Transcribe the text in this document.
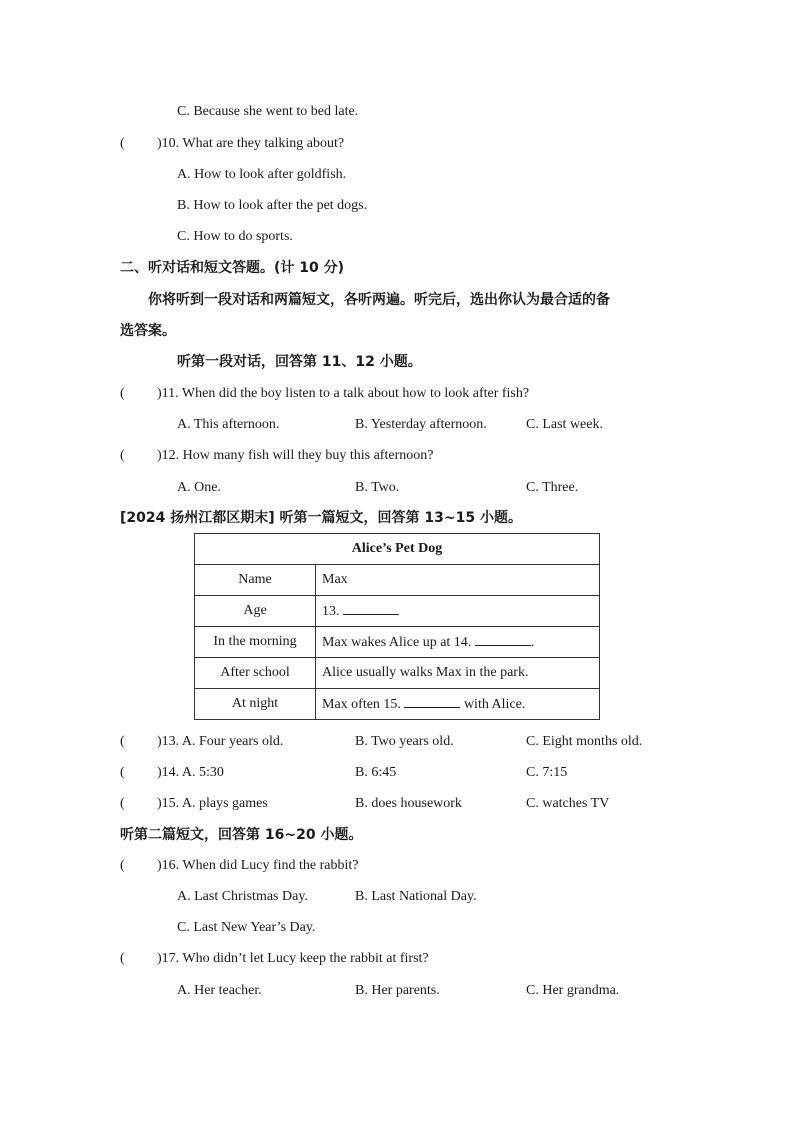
C. Because she went to bed late.
( )10. What are they talking about?
A. How to look after goldfish.
B. How to look after the pet dogs.
C. How to do sports.
二、听对话和短文答题。(计 10 分)
你将听到一段对话和两篇短文，各听两遍。听完后，选出你认为最合适的备
选答案。
听第一段对话，回答第 11、12 小题。
( )11. When did the boy listen to a talk about how to look after fish?
A. This afternoon.	B. Yesterday afternoon.	C. Last week.
( )12. How many fish will they buy this afternoon?
A. One.	B. Two.	C. Three.
[2024 扬州江都区期末] 听第一篇短文，回答第 13~15 小题。
Alice’s Pet Dog	
Name	Max
Age	13.
In the morning	Max wakes Alice up at 14. .
After school	Alice usually walks Max in the park.
At night	Max often 15. with Alice.
( )13. A. Four years old.	B. Two years old.	C. Eight months old.
( )14. A. 5:30	B. 6:45	C. 7:15
( )15. A. plays games	B. does housework	C. watches TV
听第二篇短文，回答第 16~20 小题。
( )16. When did Lucy find the rabbit?
A. Last Christmas Day.	B. Last National Day.
C. Last New Year’s Day.
( )17. Who didn’t let Lucy keep the rabbit at first?
A. Her teacher.	B. Her parents.	C. Her grandma.
